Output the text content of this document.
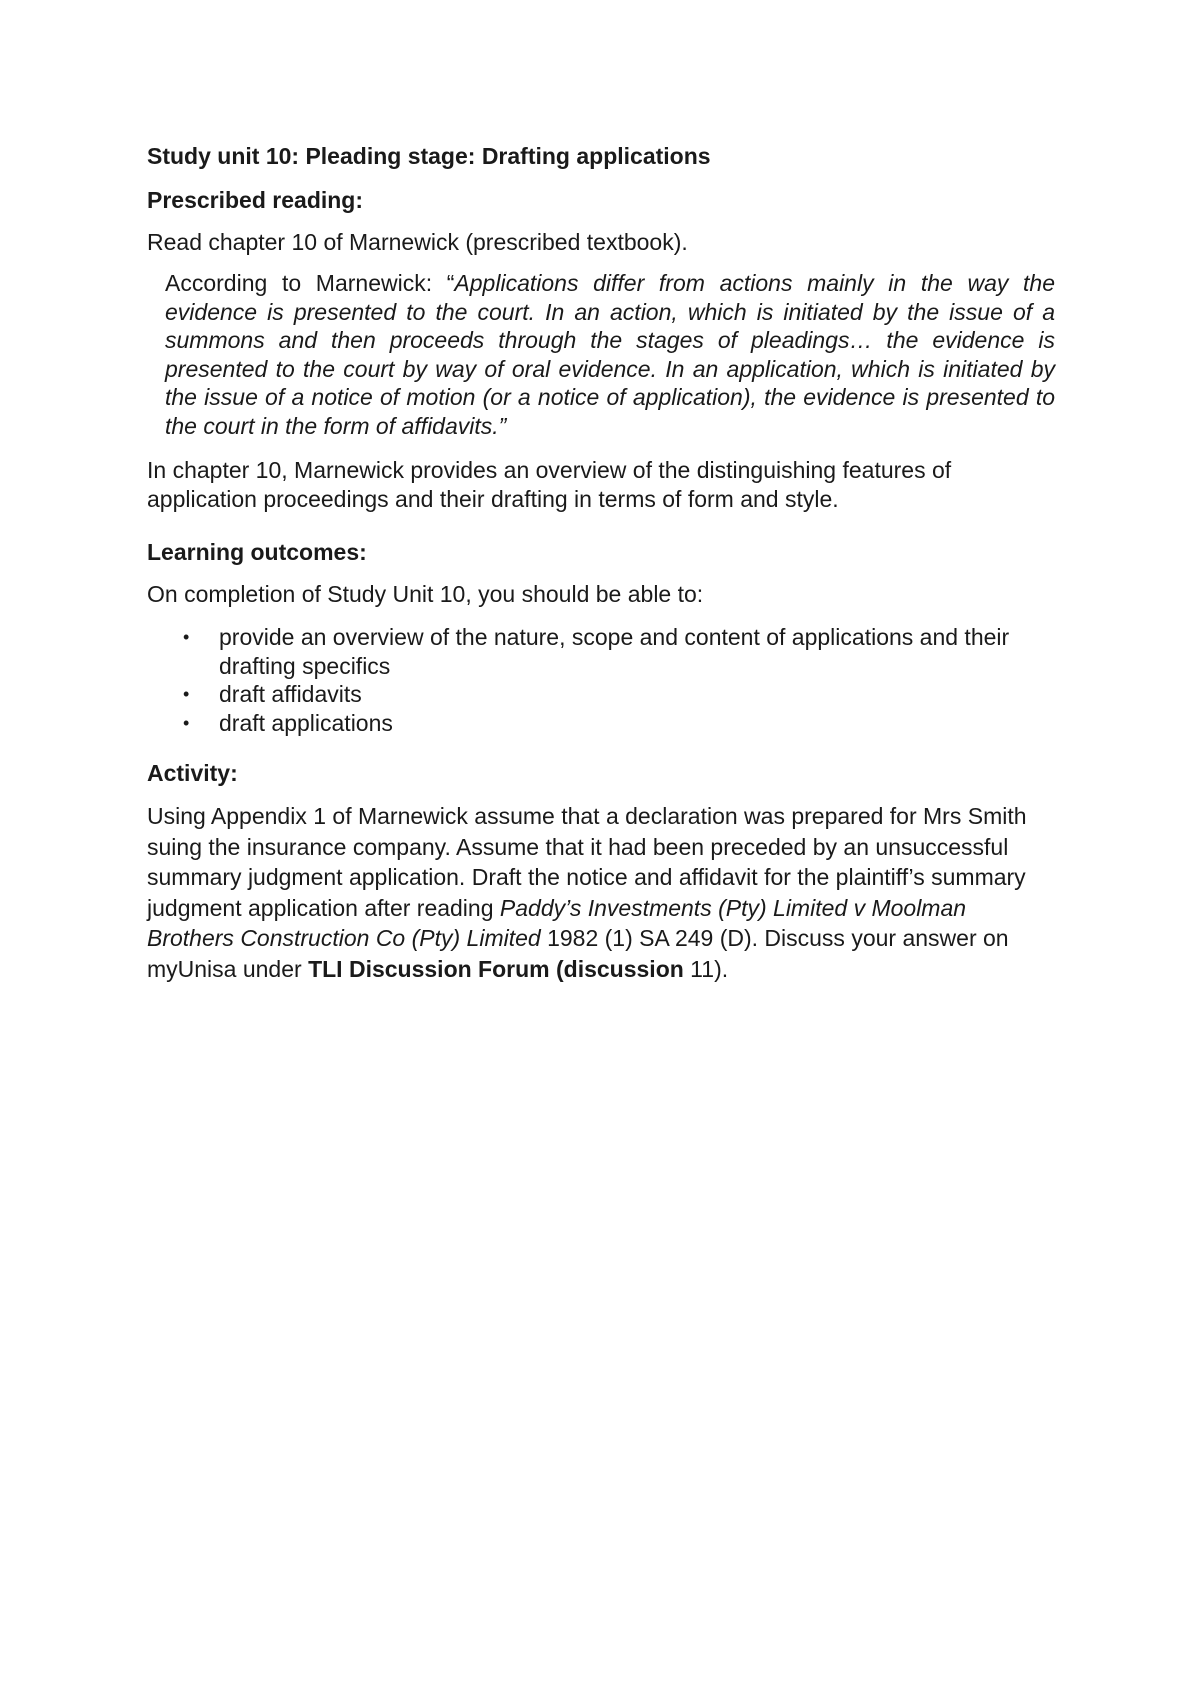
Study unit 10: Pleading stage: Drafting applications
Prescribed reading:
Read chapter 10 of Marnewick (prescribed textbook).
According to Marnewick: “Applications differ from actions mainly in the way the evidence is presented to the court. In an action, which is initiated by the issue of a summons and then proceeds through the stages of pleadings… the evidence is presented to the court by way of oral evidence. In an application, which is initiated by the issue of a notice of motion (or a notice of application), the evidence is presented to the court in the form of affidavits.”
In chapter 10, Marnewick provides an overview of the distinguishing features of application proceedings and their drafting in terms of form and style.
Learning outcomes:
On completion of Study Unit 10, you should be able to:
• provide an overview of the nature, scope and content of applications and their drafting specifics
• draft affidavits
• draft applications
Activity:
Using Appendix 1 of Marnewick assume that a declaration was prepared for Mrs Smith suing the insurance company. Assume that it had been preceded by an unsuccessful summary judgment application. Draft the notice and affidavit for the plaintiff’s summary judgment application after reading Paddy’s Investments (Pty) Limited v Moolman Brothers Construction Co (Pty) Limited 1982 (1) SA 249 (D). Discuss your answer on myUnisa under TLI Discussion Forum (discussion 11).
